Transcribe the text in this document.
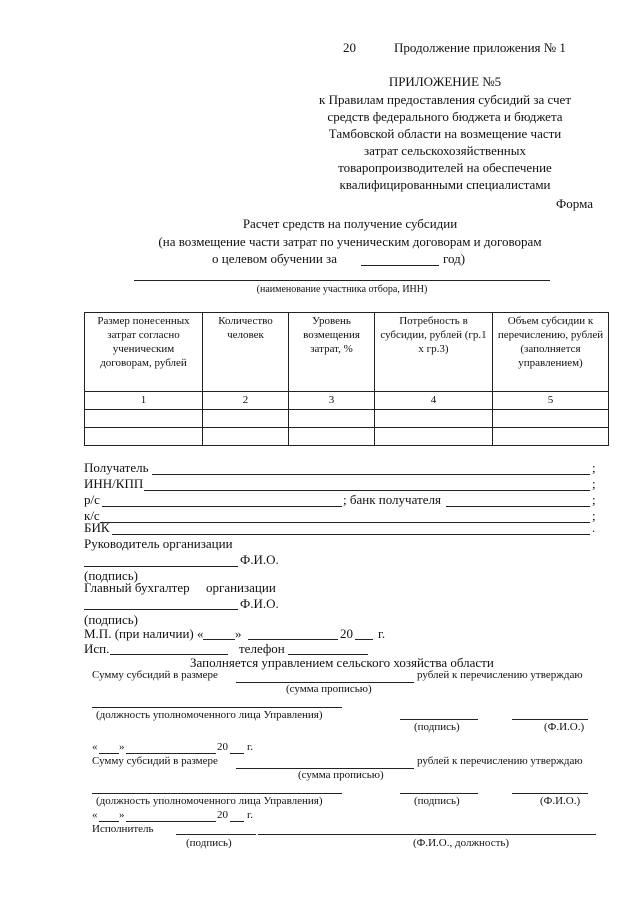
20	Продолжение приложения № 1
ПРИЛОЖЕНИЕ №5
к Правилам предоставления субсидий за счет
средств федерального бюджета и бюджета
Тамбовской области на возмещение части
затрат сельскохозяйственных
товаропроизводителей на обеспечение
квалифицированными специалистами
Форма
Расчет средств на получение субсидии
(на возмещение части затрат по ученическим договорам и договорам
о целевом обучении за	год)
(наименование участника отбора, ИНН)
Размер понесенных затрат согласно ученическим договорам, рублей	Количество человек	Уровень возмещения затрат, %	Потребность в субсидии, рублей (гр.1 х гр.3)	Объем субсидии к перечислению, рублей (заполняется управлением)
1	2	3	4	5

Получатель	;
ИНН/КПП	;
р/с	; банк получателя	;
к/с	;
БИК	.
Руководитель организации
Ф.И.О.
(подпись)
Главный бухгалтер организации
Ф.И.О.
(подпись)
М.П. (при наличии) « »	20 г.
Исп.	телефон
Заполняется управлением сельского хозяйства области
Сумму субсидий в размере	рублей к перечислению утверждаю
(сумма прописью)
(должность уполномоченного лица Управления)
(подпись)	(Ф.И.О.)
« »	20 г.
Сумму субсидий в размере	рублей к перечислению утверждаю
(сумма прописью)
(должность уполномоченного лица Управления)	(подпись)	(Ф.И.О.)
« »	20 г.
Исполнитель
(подпись)	(Ф.И.О., должность)
